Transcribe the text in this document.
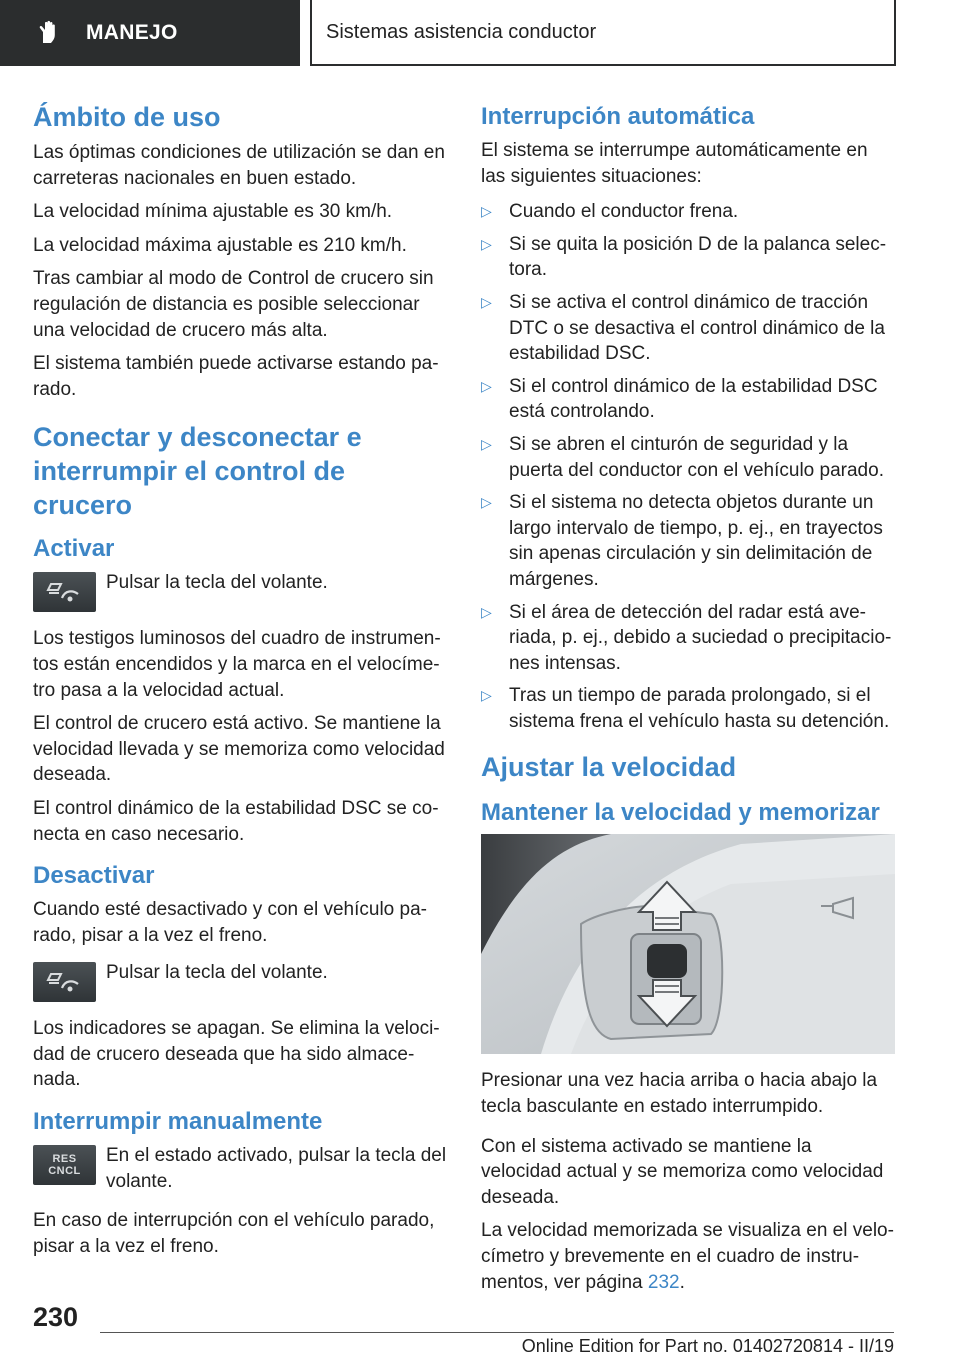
MANEJO	Sistemas asistencia conductor
Ámbito de uso

Las óptimas condiciones de utilización se dan en carreteras nacionales en buen estado.

La velocidad mínima ajustable es 30 km/h.

La velocidad máxima ajustable es 210 km/h.

Tras cambiar al modo de Control de crucero sin regulación de distancia es posible seleccionar una velocidad de crucero más alta.

El sistema también puede activarse estando pa‐rado.

Conectar y desconectar e interrumpir el control de crucero
Activar

Pulsar la tecla del volante.

Los testigos luminosos del cuadro de instrumen‐tos están encendidos y la marca en el velocíme‐tro pasa a la velocidad actual.

El control de crucero está activo. Se mantiene la velocidad llevada y se memoriza como velocidad deseada.

El control dinámico de la estabilidad DSC se co‐necta en caso necesario.

Desactivar

Cuando esté desactivado y con el vehículo pa‐rado, pisar a la vez el freno.

Pulsar la tecla del volante.

Los indicadores se apagan. Se elimina la veloci‐dad de crucero deseada que ha sido almace‐nada.

Interrumpir manualmente
RES
CNCL

En el estado activado, pulsar la tecla del volante.

En caso de interrupción con el vehículo parado, pisar a la vez el freno.

Interrupción automática

El sistema se interrumpe automáticamente en las siguientes situaciones:

▷ Cuando el conductor frena.
▷ Si se quita la posición D de la palanca selec‐tora.
▷ Si se activa el control dinámico de tracción DTC o se desactiva el control dinámico de la estabilidad DSC.
▷ Si el control dinámico de la estabilidad DSC está controlando.
▷ Si se abren el cinturón de seguridad y la puerta del conductor con el vehículo parado.
▷ Si el sistema no detecta objetos durante un largo intervalo de tiempo, p. ej., en trayectos sin apenas circulación y sin delimitación de márgenes.
▷ Si el área de detección del radar está ave‐riada, p. ej., debido a suciedad o precipitacio‐nes intensas.
▷ Tras un tiempo de parada prolongado, si el sistema frena el vehículo hasta su detención.
Ajustar la velocidad
Mantener la velocidad y memorizar

Presionar una vez hacia arriba o hacia abajo la tecla basculante en estado interrumpido.

Con el sistema activado se mantiene la velocidad actual y se memoriza como velocidad deseada.

La velocidad memorizada se visualiza en el velo‐címetro y brevemente en el cuadro de instru‐mentos, ver página 232.

230
Online Edition for Part no. 01402720814 - II/19
